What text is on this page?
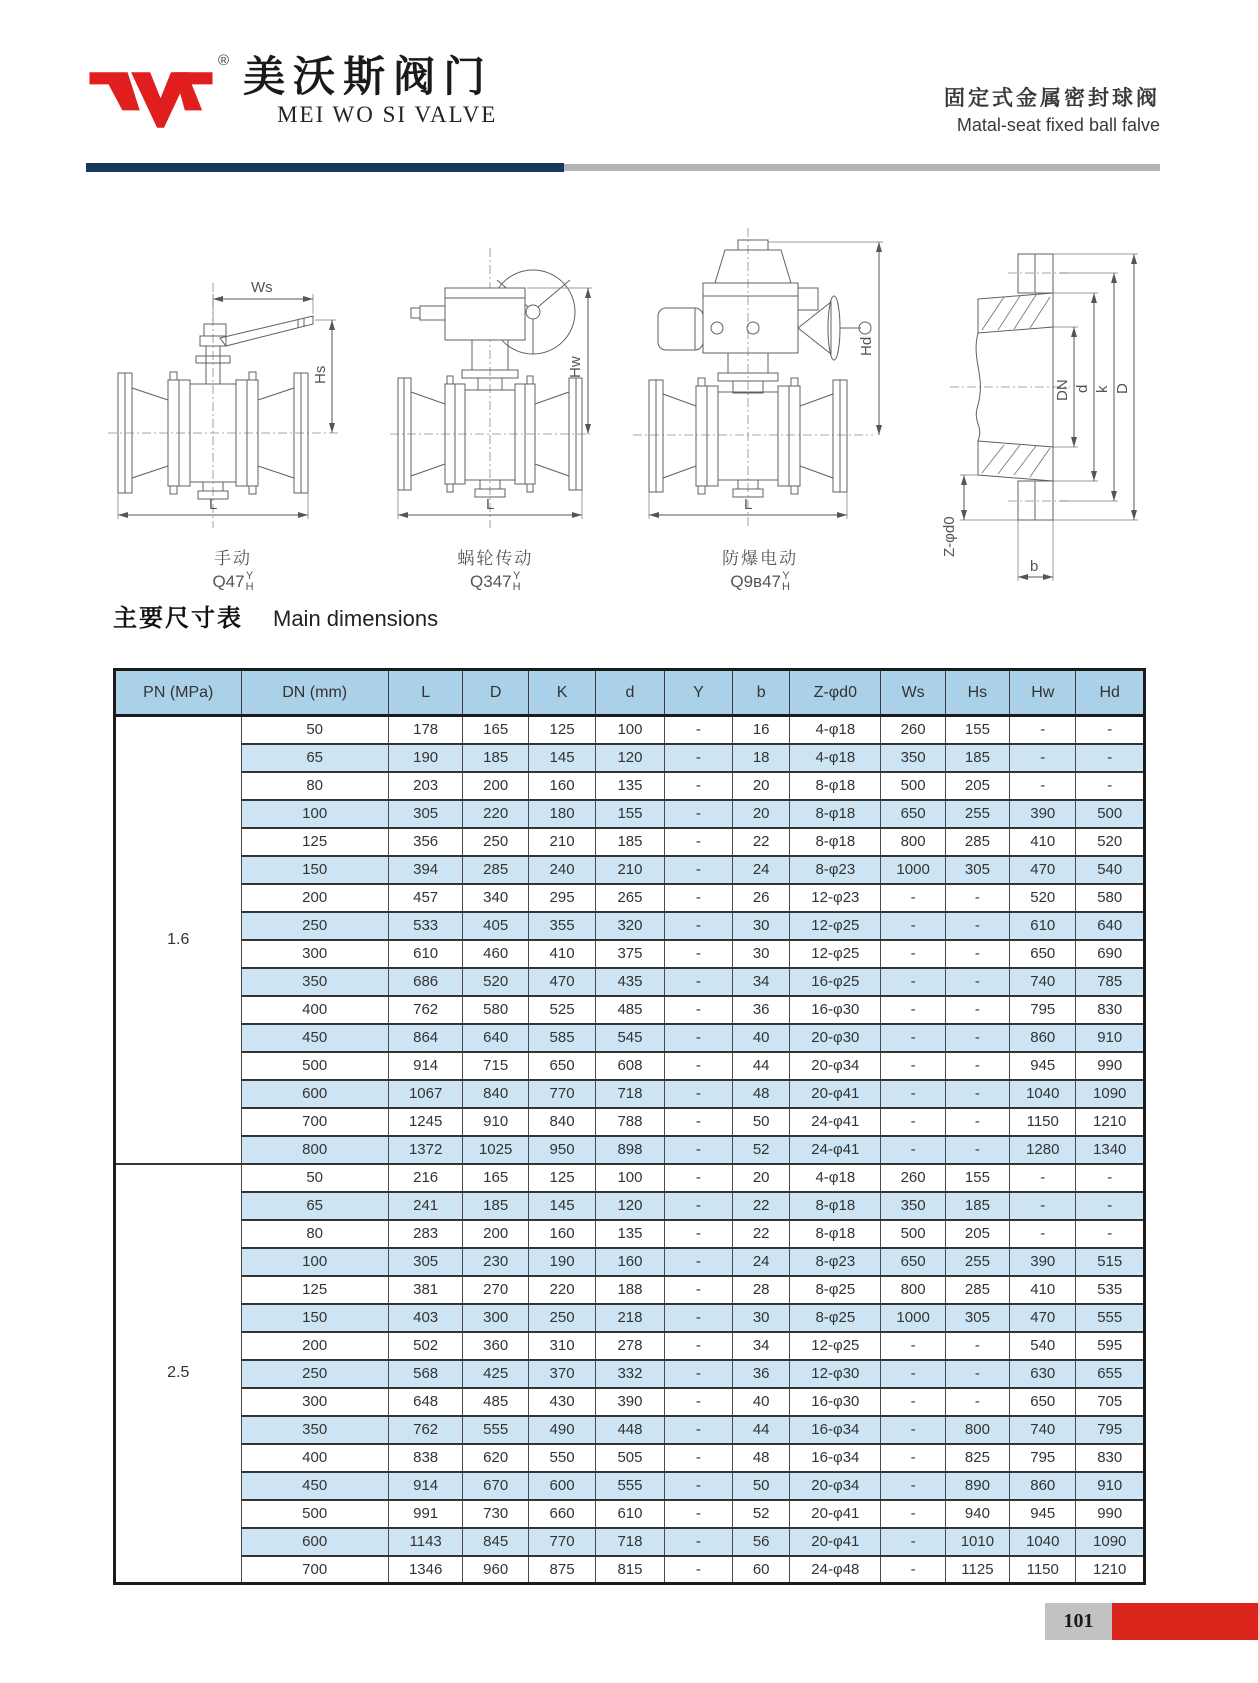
® 美沃斯阀门
MEI WO SI VALVE
固定式金属密封球阀
Matal-seat fixed ball falve
Ws
Hs
L
手动
Q47 Y
H
Hw
L
蜗轮传动
Q347 Y
H
Hd
L
防爆电动
Q9в47 Y
H
DN d k D
Z-φd0
b
主要尺寸表 Main dimensions
PN (MPa)	DN (mm)	L	D	K	d	Y	b	Z-φd0	Ws	Hs	Hw	Hd
1.6	50	178	165	125	100	-	16	4-φ18	260	155	-	-
	65	190	185	145	120	-	18	4-φ18	350	185	-	-
	80	203	200	160	135	-	20	8-φ18	500	205	-	-
	100	305	220	180	155	-	20	8-φ18	650	255	390	500
	125	356	250	210	185	-	22	8-φ18	800	285	410	520
	150	394	285	240	210	-	24	8-φ23	1000	305	470	540
	200	457	340	295	265	-	26	12-φ23	-	-	520	580
	250	533	405	355	320	-	30	12-φ25	-	-	610	640
	300	610	460	410	375	-	30	12-φ25	-	-	650	690
	350	686	520	470	435	-	34	16-φ25	-	-	740	785
	400	762	580	525	485	-	36	16-φ30	-	-	795	830
	450	864	640	585	545	-	40	20-φ30	-	-	860	910
	500	914	715	650	608	-	44	20-φ34	-	-	945	990
	600	1067	840	770	718	-	48	20-φ41	-	-	1040	1090
	700	1245	910	840	788	-	50	24-φ41	-	-	1150	1210
	800	1372	1025	950	898	-	52	24-φ41	-	-	1280	1340
2.5	50	216	165	125	100	-	20	4-φ18	260	155	-	-
	65	241	185	145	120	-	22	8-φ18	350	185	-	-
	80	283	200	160	135	-	22	8-φ18	500	205	-	-
	100	305	230	190	160	-	24	8-φ23	650	255	390	515
	125	381	270	220	188	-	28	8-φ25	800	285	410	535
	150	403	300	250	218	-	30	8-φ25	1000	305	470	555
	200	502	360	310	278	-	34	12-φ25	-	-	540	595
	250	568	425	370	332	-	36	12-φ30	-	-	630	655
	300	648	485	430	390	-	40	16-φ30	-	-	650	705
	350	762	555	490	448	-	44	16-φ34	-	800	740	795
	400	838	620	550	505	-	48	16-φ34	-	825	795	830
	450	914	670	600	555	-	50	20-φ34	-	890	860	910
	500	991	730	660	610	-	52	20-φ41	-	940	945	990
	600	1143	845	770	718	-	56	20-φ41	-	1010	1040	1090
	700	1346	960	875	815	-	60	24-φ48	-	1125	1150	1210
101
